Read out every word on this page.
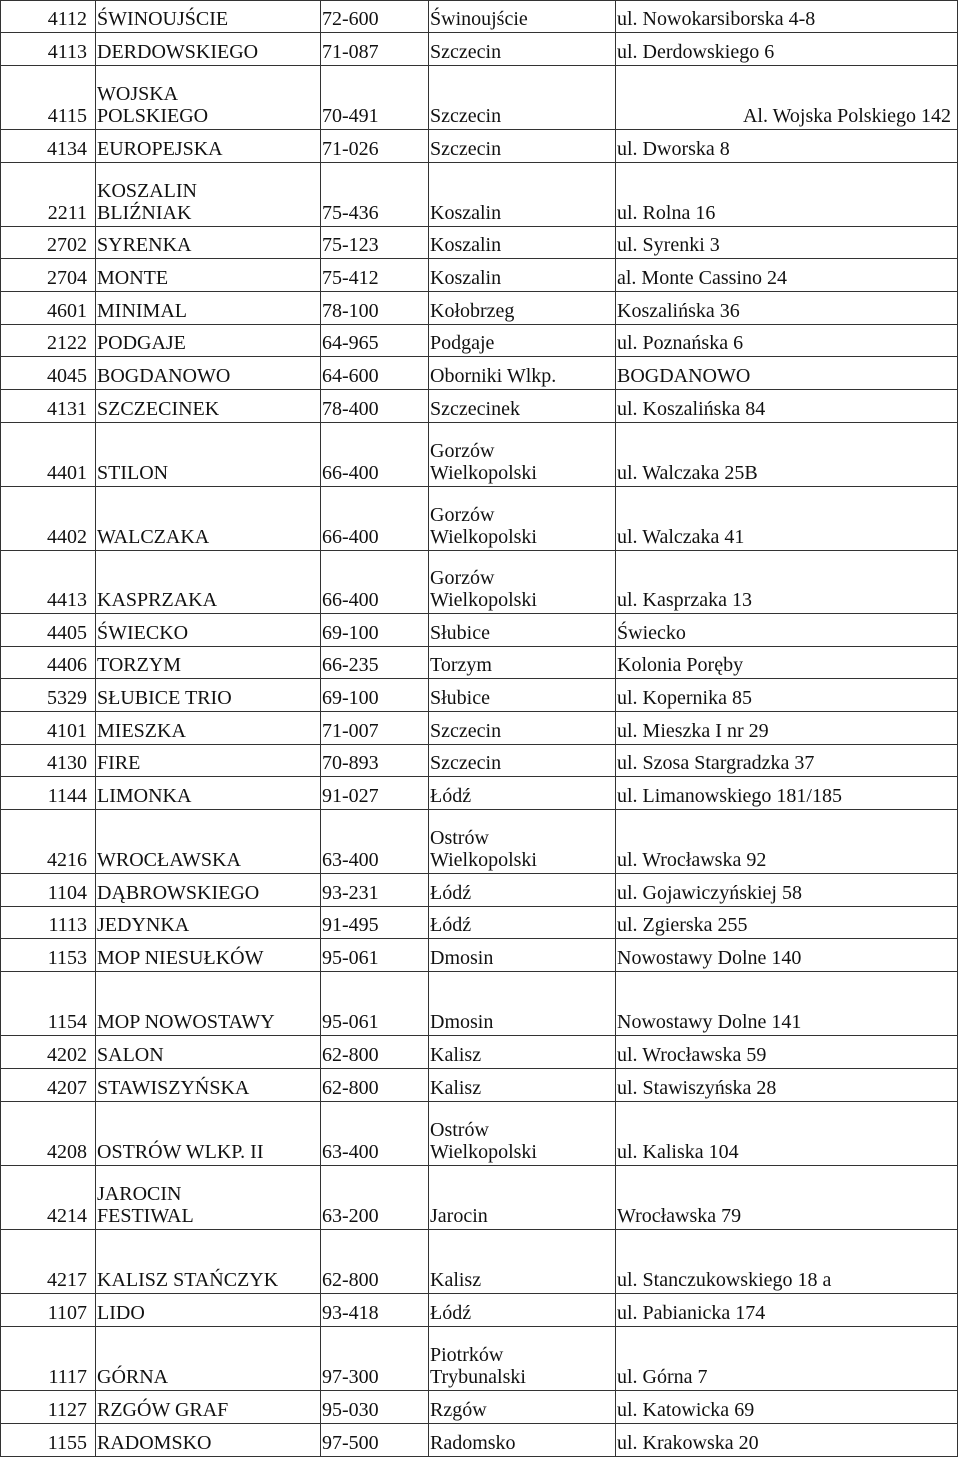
4112	ŚWINOUJŚCIE	72-600	Świnoujście	ul. Nowokarsiborska 4-8
4113	DERDOWSKIEGO	71-087	Szczecin	ul. Derdowskiego 6
4115	WOJSKA
POLSKIEGO	70-491	Szczecin	Al. Wojska Polskiego 142
4134	EUROPEJSKA	71-026	Szczecin	ul. Dworska 8
2211	KOSZALIN
BLIŹNIAK	75-436	Koszalin	ul. Rolna 16
2702	SYRENKA	75-123	Koszalin	ul. Syrenki 3
2704	MONTE	75-412	Koszalin	al. Monte Cassino 24
4601	MINIMAL	78-100	Kołobrzeg	Koszalińska 36
2122	PODGAJE	64-965	Podgaje	ul. Poznańska 6
4045	BOGDANOWO	64-600	Oborniki Wlkp.	BOGDANOWO
4131	SZCZECINEK	78-400	Szczecinek	ul. Koszalińska 84
4401	STILON	66-400	Gorzów
Wielkopolski	ul. Walczaka 25B
4402	WALCZAKA	66-400	Gorzów
Wielkopolski	ul. Walczaka 41
4413	KASPRZAKA	66-400	Gorzów
Wielkopolski	ul. Kasprzaka 13
4405	ŚWIECKO	69-100	Słubice	Świecko
4406	TORZYM	66-235	Torzym	Kolonia Poręby
5329	SŁUBICE TRIO	69-100	Słubice	ul. Kopernika 85
4101	MIESZKA	71-007	Szczecin	ul. Mieszka I nr 29
4130	FIRE	70-893	Szczecin	ul. Szosa Stargradzka 37
1144	LIMONKA	91-027	Łódź	ul. Limanowskiego 181/185
4216	WROCŁAWSKA	63-400	Ostrów
Wielkopolski	ul. Wrocławska 92
1104	DĄBROWSKIEGO	93-231	Łódź	ul. Gojawiczyńskiej 58
1113	JEDYNKA	91-495	Łódź	ul. Zgierska 255
1153	MOP NIESUŁKÓW	95-061	Dmosin	Nowostawy Dolne 140
1154	MOP NOWOSTAWY	95-061	Dmosin	Nowostawy Dolne 141
4202	SALON	62-800	Kalisz	ul. Wrocławska 59
4207	STAWISZYŃSKA	62-800	Kalisz	ul. Stawiszyńska 28
4208	OSTRÓW WLKP. II	63-400	Ostrów
Wielkopolski	ul. Kaliska 104
4214	JAROCIN
FESTIWAL	63-200	Jarocin	Wrocławska 79
4217	KALISZ STAŃCZYK	62-800	Kalisz	ul. Stanczukowskiego 18 a
1107	LIDO	93-418	Łódź	ul. Pabianicka 174
1117	GÓRNA	97-300	Piotrków
Trybunalski	ul. Górna 7
1127	RZGÓW GRAF	95-030	Rzgów	ul. Katowicka 69
1155	RADOMSKO	97-500	Radomsko	ul. Krakowska 20
